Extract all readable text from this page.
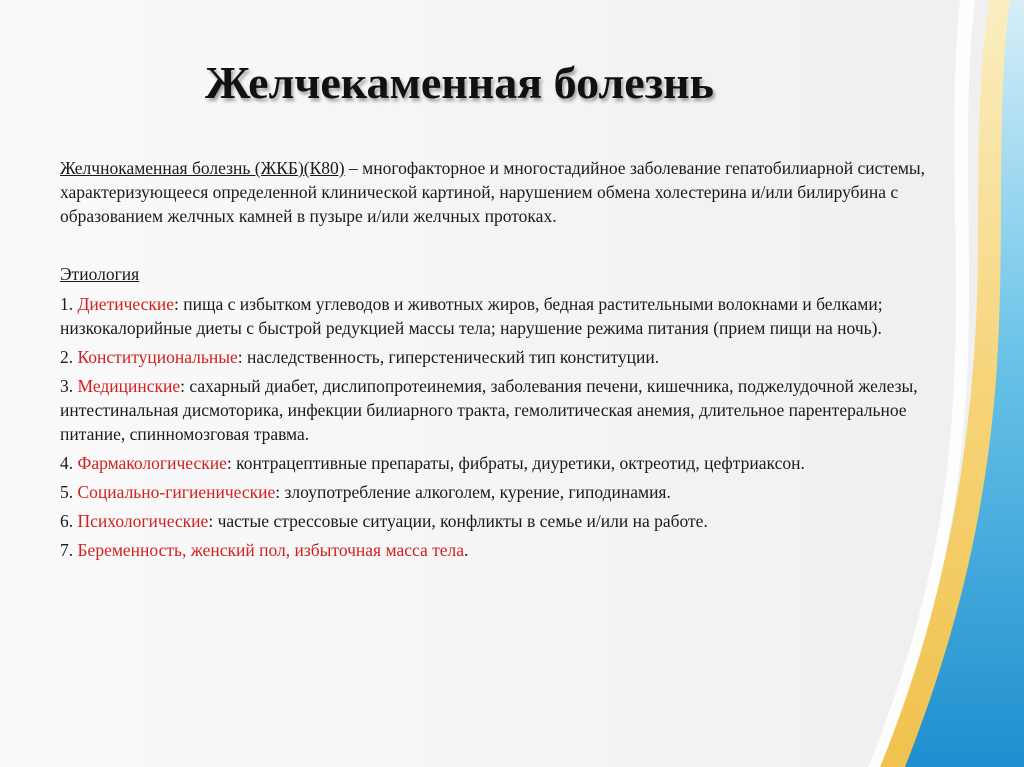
Желчекаменная болезнь

Желчнокаменная болезнь (ЖКБ)(К80) – многофакторное и многостадийное заболевание гепатобилиарной системы, характеризующееся определенной клинической картиной, нарушением обмена холестерина и/или билирубина с образованием желчных камней в пузыре и/или желчных протоках.

Этиология

1. Диетические: пища с избытком углеводов и животных жиров, бедная растительными волокнами и белками; низкокалорийные диеты с быстрой редукцией массы тела; нарушение режима питания (прием пищи на ночь).

2. Конституциональные: наследственность, гиперстенический тип конституции.

3. Медицинские: сахарный диабет, дислипопротеинемия, заболевания печени, кишечника, поджелудочной железы, интестинальная дисмоторика, инфекции билиарного тракта, гемолитическая анемия, длительное парентеральное питание, спинномозговая травма.

4. Фармакологические: контрацептивные препараты, фибраты, диуретики, октреотид, цефтриаксон.

5. Социально-гигиенические: злоупотребление алкоголем, курение, гиподинамия.

6. Психологические: частые стрессовые ситуации, конфликты в семье и/или на работе.

7. Беременность, женский пол, избыточная масса тела.
